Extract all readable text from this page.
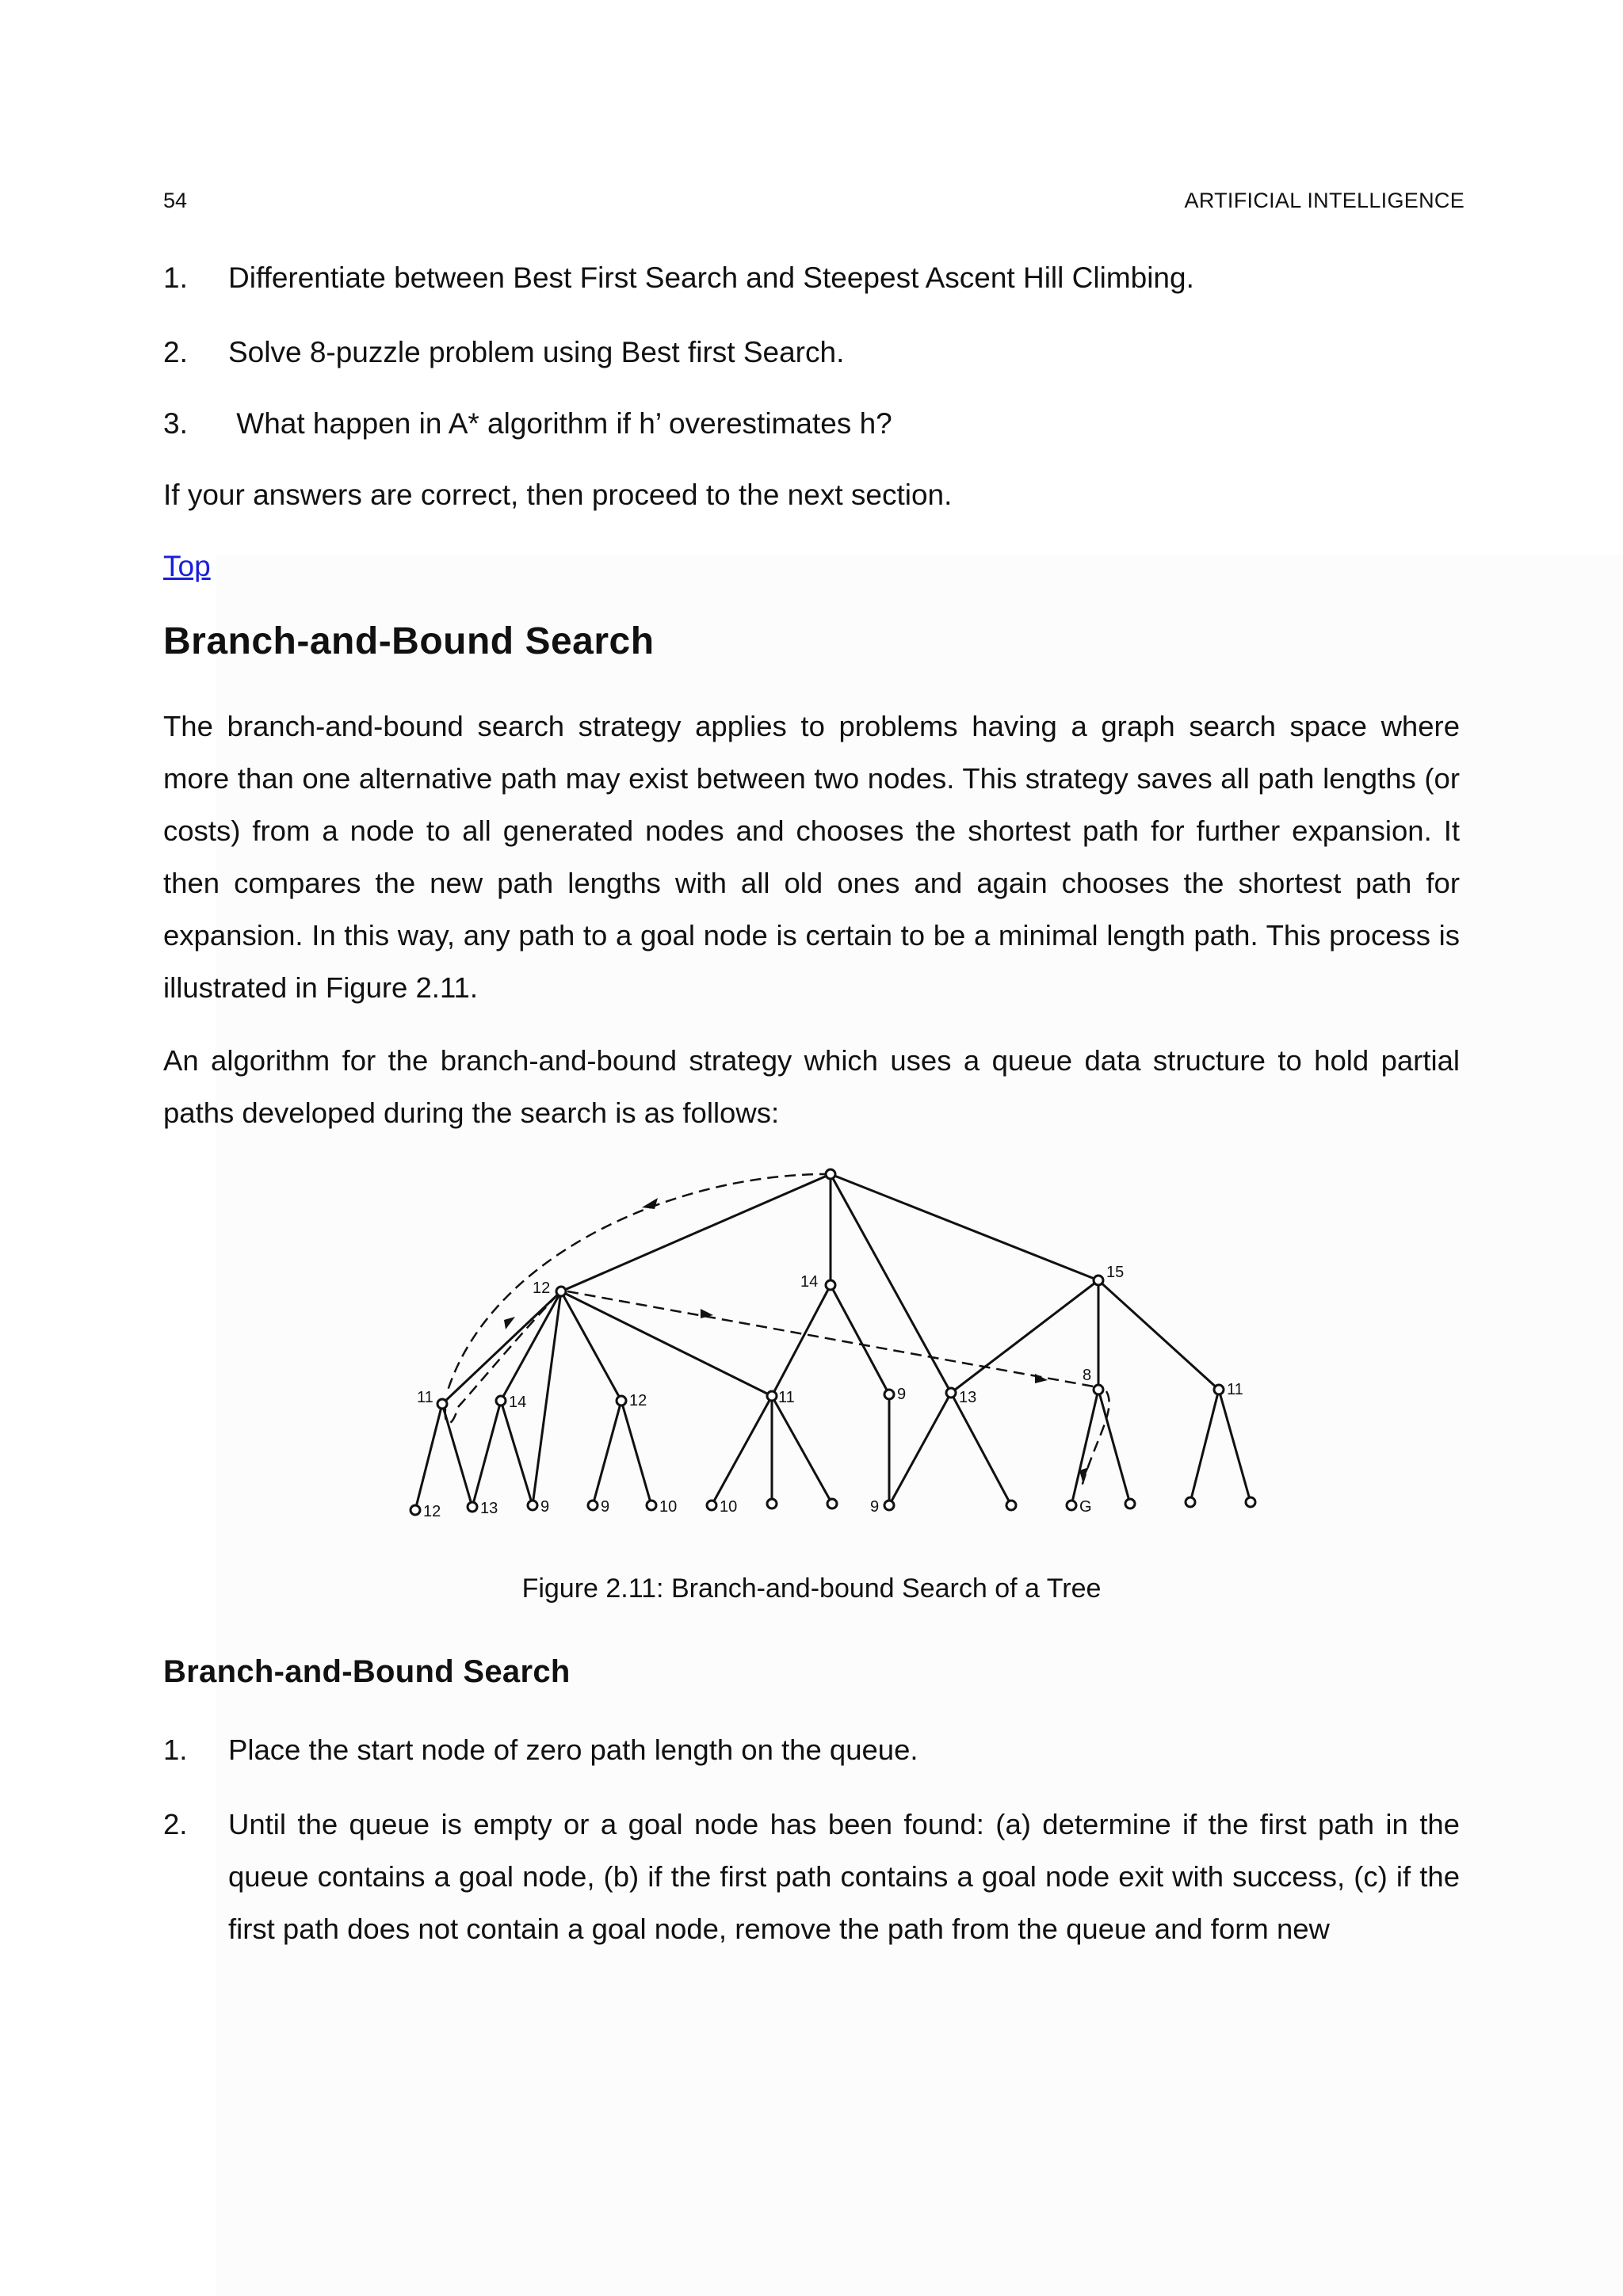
54	ARTIFICIAL INTELLIGENCE
1.	Differentiate between Best First Search and Steepest Ascent Hill Climbing.
2.	Solve 8-puzzle problem using Best first Search.
3.	What happen in A* algorithm if h’ overestimates h?
If your answers are correct, then proceed to the next section.
Top
Branch-and-Bound Search
The branch-and-bound search strategy applies to problems having a graph search space where more than one alternative path may exist between two nodes. This strategy saves all path lengths (or costs) from a node to all generated nodes and chooses the shortest path for further expansion. It then compares the new path lengths with all old ones and again chooses the shortest path for expansion. In this way, any path to a goal node is certain to be a minimal length path. This process is illustrated in Figure 2.11.
An algorithm for the branch-and-bound strategy which uses a queue data structure to hold partial paths developed during the search is as follows:
12	14
15
11	14	12	11	9	13
8
11
12 13	9	9	10	10	9	G
Figure 2.11: Branch-and-bound Search of a Tree
Branch-and-Bound Search
1. Place the start node of zero path length on the queue.
2. Until the queue is empty or a goal node has been found: (a) determine if the first path in the queue contains a goal node, (b) if the first path contains a goal node exit with success, (c) if the first path does not contain a goal node, remove the path from the queue and form new
